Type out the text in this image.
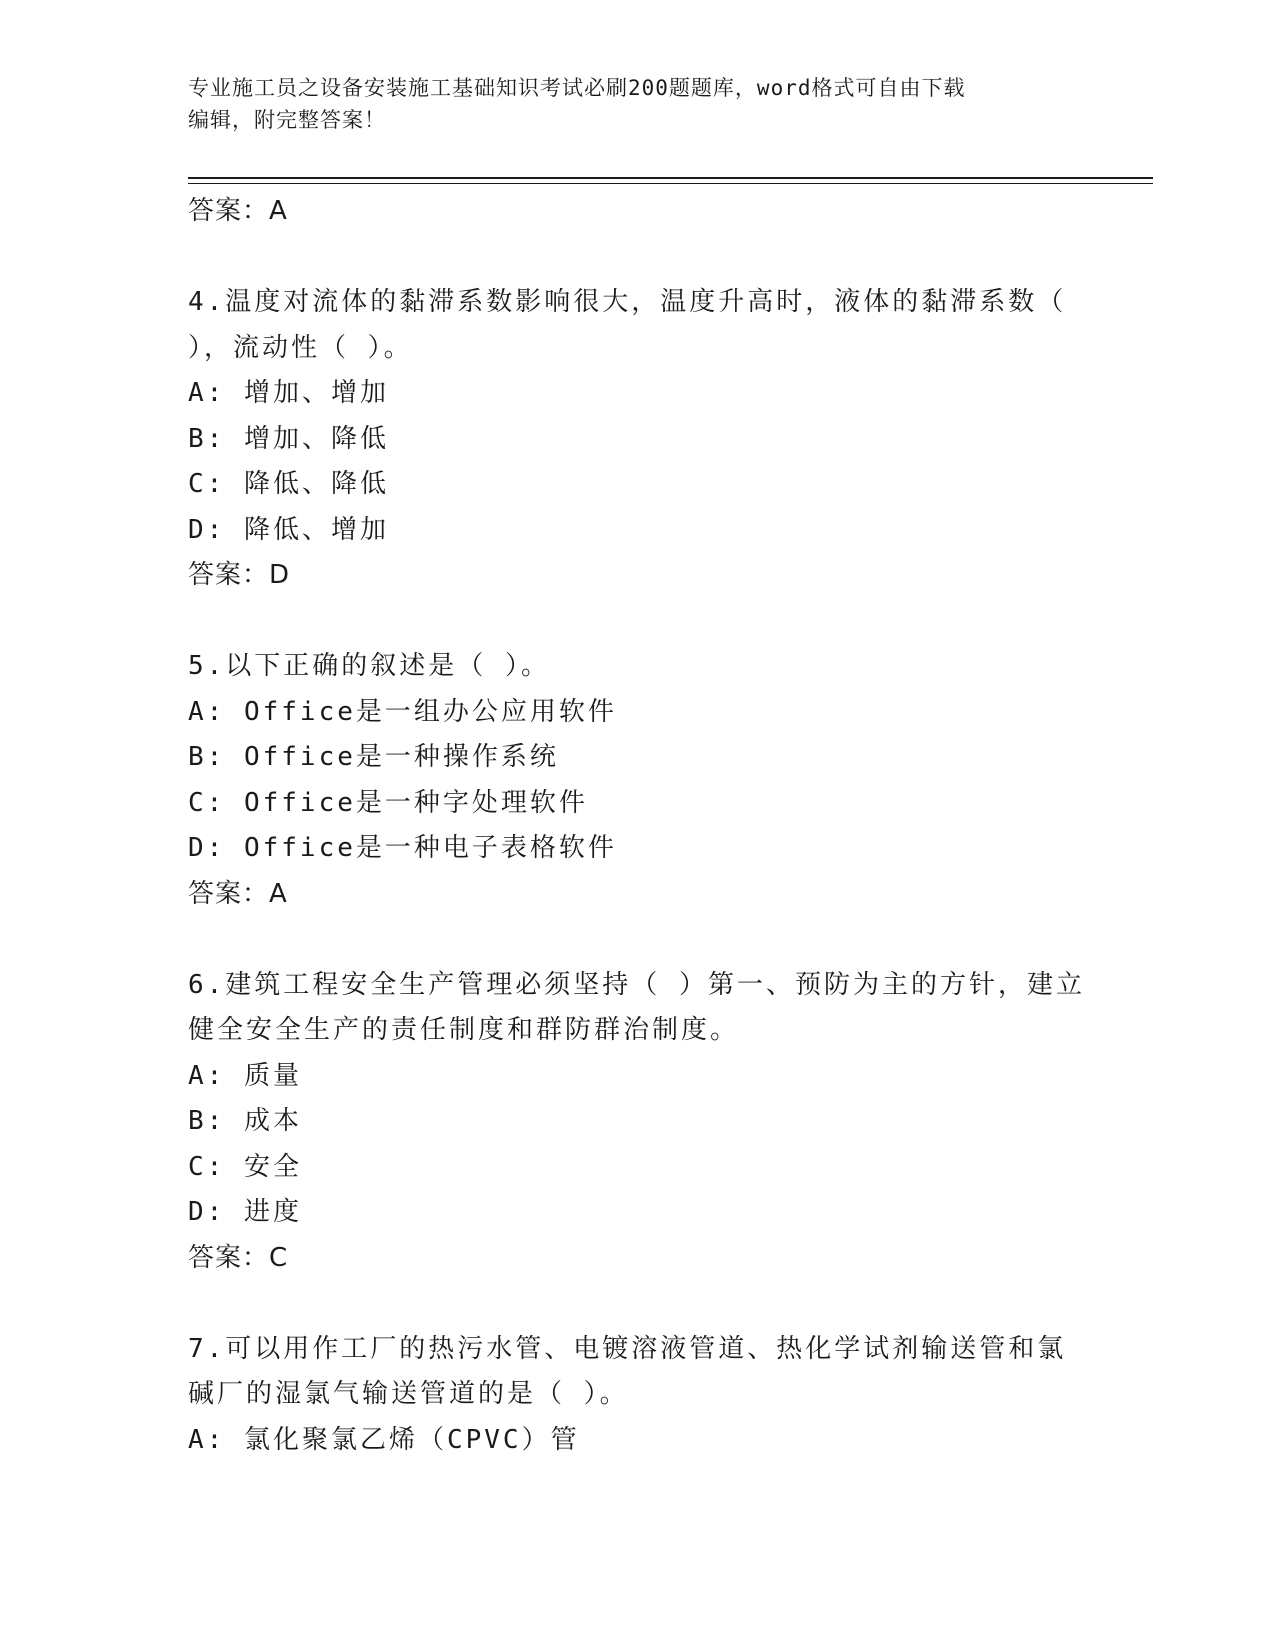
专业施工员之设备安装施工基础知识考试必刷200题题库，word格式可自由下载
编辑，附完整答案！
答案：A
4.温度对流体的黏滞系数影响很大，温度升高时，液体的黏滞系数（
），流动性（ ）。
A: 增加、增加
B: 增加、降低
C: 降低、降低
D: 降低、增加
答案：D
5.以下正确的叙述是（ ）。
A: Office是一组办公应用软件
B: Office是一种操作系统
C: Office是一种字处理软件
D: Office是一种电子表格软件
答案：A
6.建筑工程安全生产管理必须坚持（ ）第一、预防为主的方针，建立
健全安全生产的责任制度和群防群治制度。
A: 质量
B: 成本
C: 安全
D: 进度
答案：C
7.可以用作工厂的热污水管、电镀溶液管道、热化学试剂输送管和氯
碱厂的湿氯气输送管道的是（ ）。
A: 氯化聚氯乙烯（CPVC）管
